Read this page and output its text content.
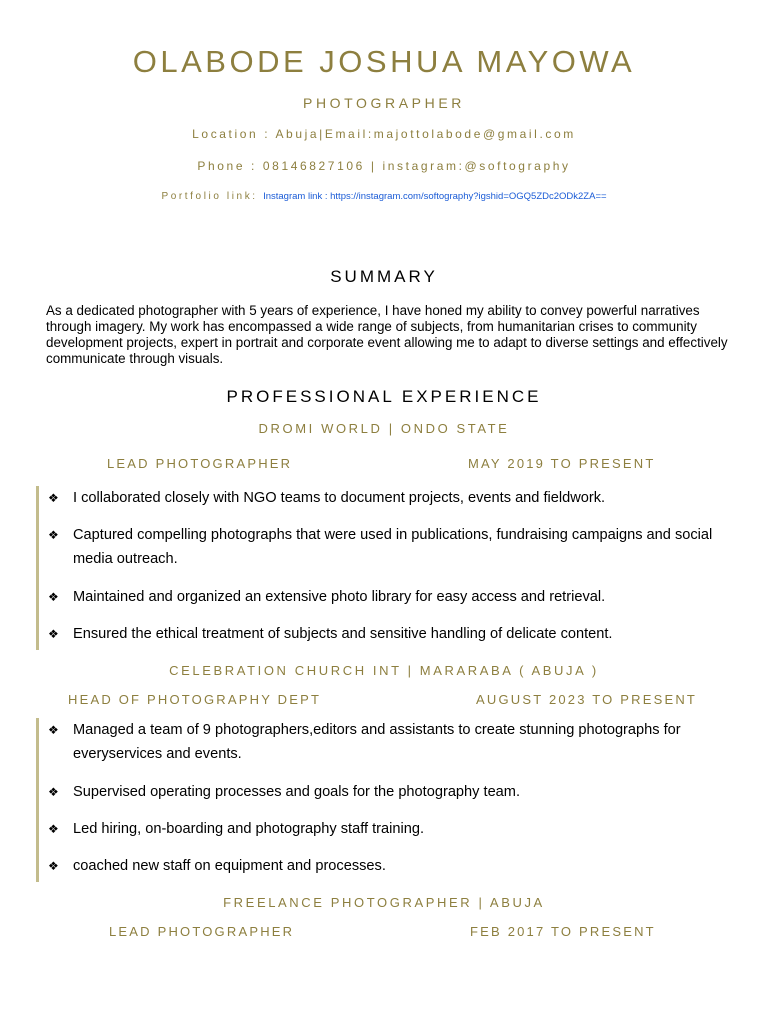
OLABODE JOSHUA MAYOWA
PHOTOGRAPHER
Location : Abuja|Email:majottolabode@gmail.com
Phone : 08146827106 | instagram:@softography
Portfolio link: Instagram link : https://instagram.com/softography?igshid=OGQ5ZDc2ODk2ZA==
SUMMARY
As a dedicated photographer with 5 years of experience, I have honed my ability to convey powerful narratives through imagery. My work has encompassed a wide range of subjects, from humanitarian crises to community development projects, expert in portrait and corporate event allowing me to adapt to diverse settings and effectively communicate through visuals.
PROFESSIONAL EXPERIENCE
DROMI WORLD | ONDO STATE
LEAD PHOTOGRAPHER	MAY 2019 TO PRESENT
❖ I collaborated closely with NGO teams to document projects, events and fieldwork.
❖ Captured compelling photographs that were used in publications, fundraising campaigns and social media outreach.
❖ Maintained and organized an extensive photo library for easy access and retrieval.
❖ Ensured the ethical treatment of subjects and sensitive handling of delicate content.
CELEBRATION CHURCH INT | MARARABA ( ABUJA )
HEAD OF PHOTOGRAPHY DEPT	AUGUST 2023 TO PRESENT
❖ Managed a team of 9 photographers,editors and assistants to create stunning photographs for everyservices and events.
❖ Supervised operating processes and goals for the photography team.
❖ Led hiring, on-boarding and photography staff training.
❖ coached new staff on equipment and processes.
FREELANCE PHOTOGRAPHER | ABUJA
LEAD PHOTOGRAPHER	FEB 2017 TO PRESENT
